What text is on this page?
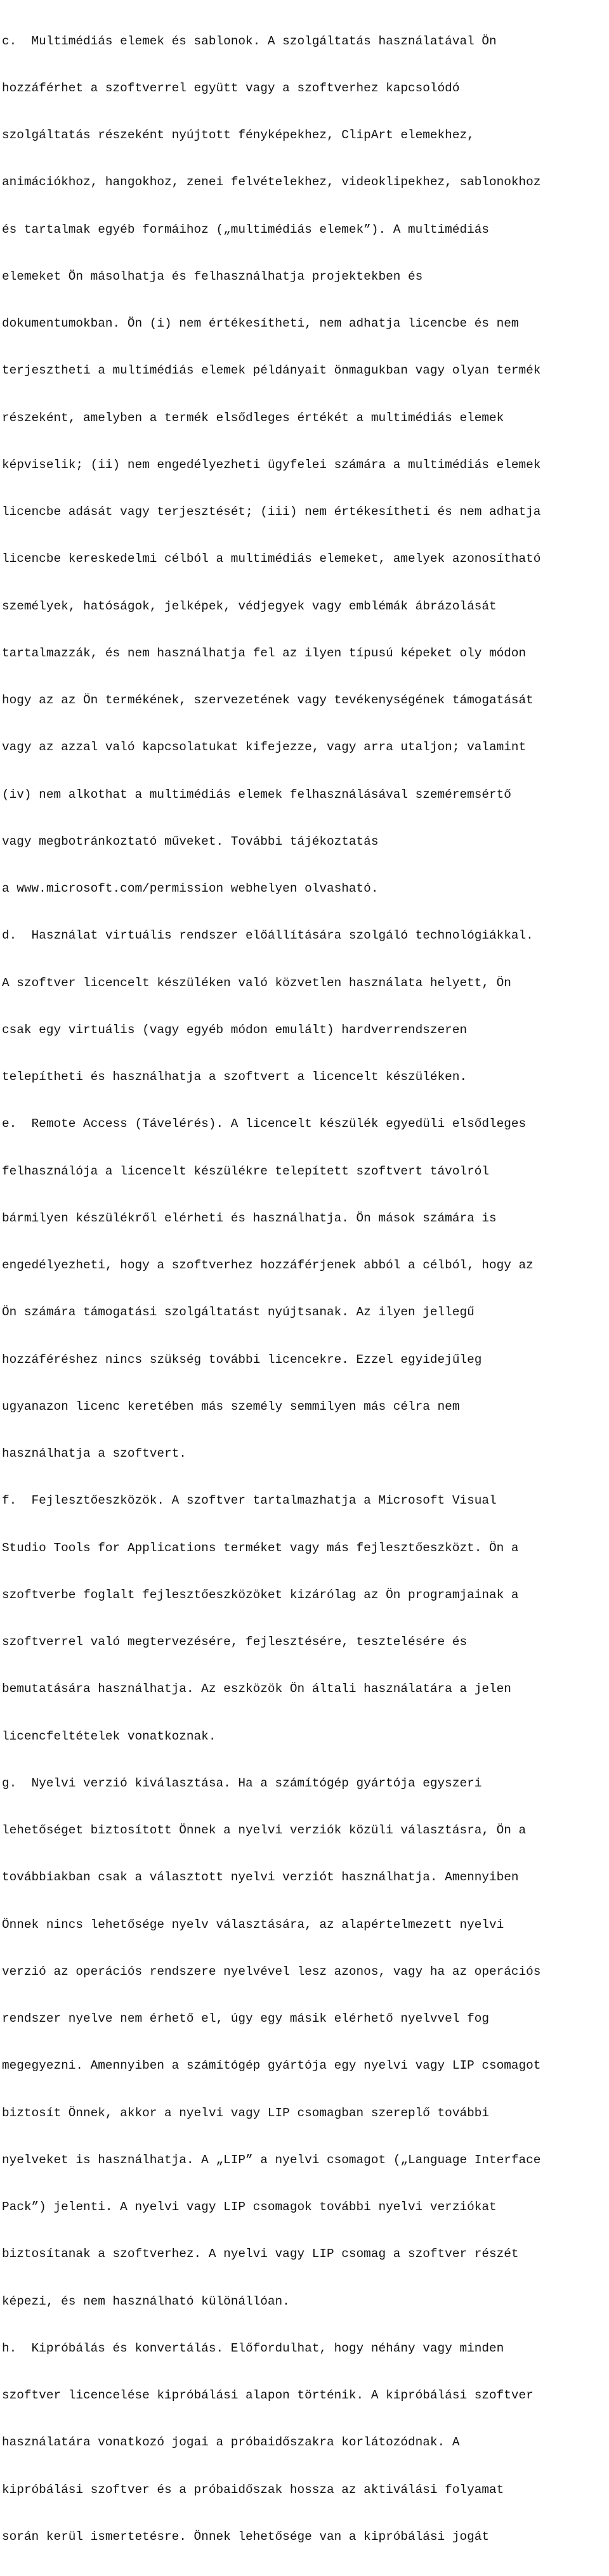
c.  Multimédiás elemek és sablonok. A szolgáltatás használatával Ön

hozzáférhet a szoftverrel együtt vagy a szoftverhez kapcsolódó

szolgáltatás részeként nyújtott fényképekhez, ClipArt elemekhez,

animációkhoz, hangokhoz, zenei felvételekhez, videoklipekhez, sablonokhoz

és tartalmak egyéb formáihoz („multimédiás elemek”). A multimédiás

elemeket Ön másolhatja és felhasználhatja projektekben és

dokumentumokban. Ön (i) nem értékesítheti, nem adhatja licencbe és nem

terjesztheti a multimédiás elemek példányait önmagukban vagy olyan termék

részeként, amelyben a termék elsődleges értékét a multimédiás elemek

képviselik; (ii) nem engedélyezheti ügyfelei számára a multimédiás elemek

licencbe adását vagy terjesztését; (iii) nem értékesítheti és nem adhatja

licencbe kereskedelmi célból a multimédiás elemeket, amelyek azonosítható

személyek, hatóságok, jelképek, védjegyek vagy emblémák ábrázolását

tartalmazzák, és nem használhatja fel az ilyen típusú képeket oly módon

hogy az az Ön termékének, szervezetének vagy tevékenységének támogatását

vagy az azzal való kapcsolatukat kifejezze, vagy arra utaljon; valamint

(iv) nem alkothat a multimédiás elemek felhasználásával szeméremsértő

vagy megbotránkoztató műveket. További tájékoztatás

a www.microsoft.com/permission webhelyen olvasható.

d.  Használat virtuális rendszer előállítására szolgáló technológiákkal.

A szoftver licencelt készüléken való közvetlen használata helyett, Ön

csak egy virtuális (vagy egyéb módon emulált) hardverrendszeren

telepítheti és használhatja a szoftvert a licencelt készüléken.

e.  Remote Access (Távelérés). A licencelt készülék egyedüli elsődleges

felhasználója a licencelt készülékre telepített szoftvert távolról

bármilyen készülékről elérheti és használhatja. Ön mások számára is

engedélyezheti, hogy a szoftverhez hozzáférjenek abból a célból, hogy az

Ön számára támogatási szolgáltatást nyújtsanak. Az ilyen jellegű

hozzáféréshez nincs szükség további licencekre. Ezzel egyidejűleg

ugyanazon licenc keretében más személy semmilyen más célra nem

használhatja a szoftvert.

f.  Fejlesztőeszközök. A szoftver tartalmazhatja a Microsoft Visual

Studio Tools for Applications terméket vagy más fejlesztőeszközt. Ön a

szoftverbe foglalt fejlesztőeszközöket kizárólag az Ön programjainak a

szoftverrel való megtervezésére, fejlesztésére, tesztelésére és

bemutatására használhatja. Az eszközök Ön általi használatára a jelen

licencfeltételek vonatkoznak.

g.  Nyelvi verzió kiválasztása. Ha a számítógép gyártója egyszeri

lehetőséget biztosított Önnek a nyelvi verziók közüli választásra, Ön a

továbbiakban csak a választott nyelvi verziót használhatja. Amennyiben

Önnek nincs lehetősége nyelv választására, az alapértelmezett nyelvi

verzió az operációs rendszere nyelvével lesz azonos, vagy ha az operációs

rendszer nyelve nem érhető el, úgy egy másik elérhető nyelvvel fog

megegyezni. Amennyiben a számítógép gyártója egy nyelvi vagy LIP csomagot

biztosít Önnek, akkor a nyelvi vagy LIP csomagban szereplő további

nyelveket is használhatja. A „LIP” a nyelvi csomagot („Language Interface

Pack”) jelenti. A nyelvi vagy LIP csomagok további nyelvi verziókat

biztosítanak a szoftverhez. A nyelvi vagy LIP csomag a szoftver részét

képezi, és nem használható különállóan.

h.  Kipróbálás és konvertálás. Előfordulhat, hogy néhány vagy minden

szoftver licencelése kipróbálási alapon történik. A kipróbálási szoftver

használatára vonatkozó jogai a próbaidőszakra korlátozódnak. A

kipróbálási szoftver és a próbaidőszak hossza az aktiválási folyamat

során kerül ismertetésre. Önnek lehetősége van a kipróbálási jogát
